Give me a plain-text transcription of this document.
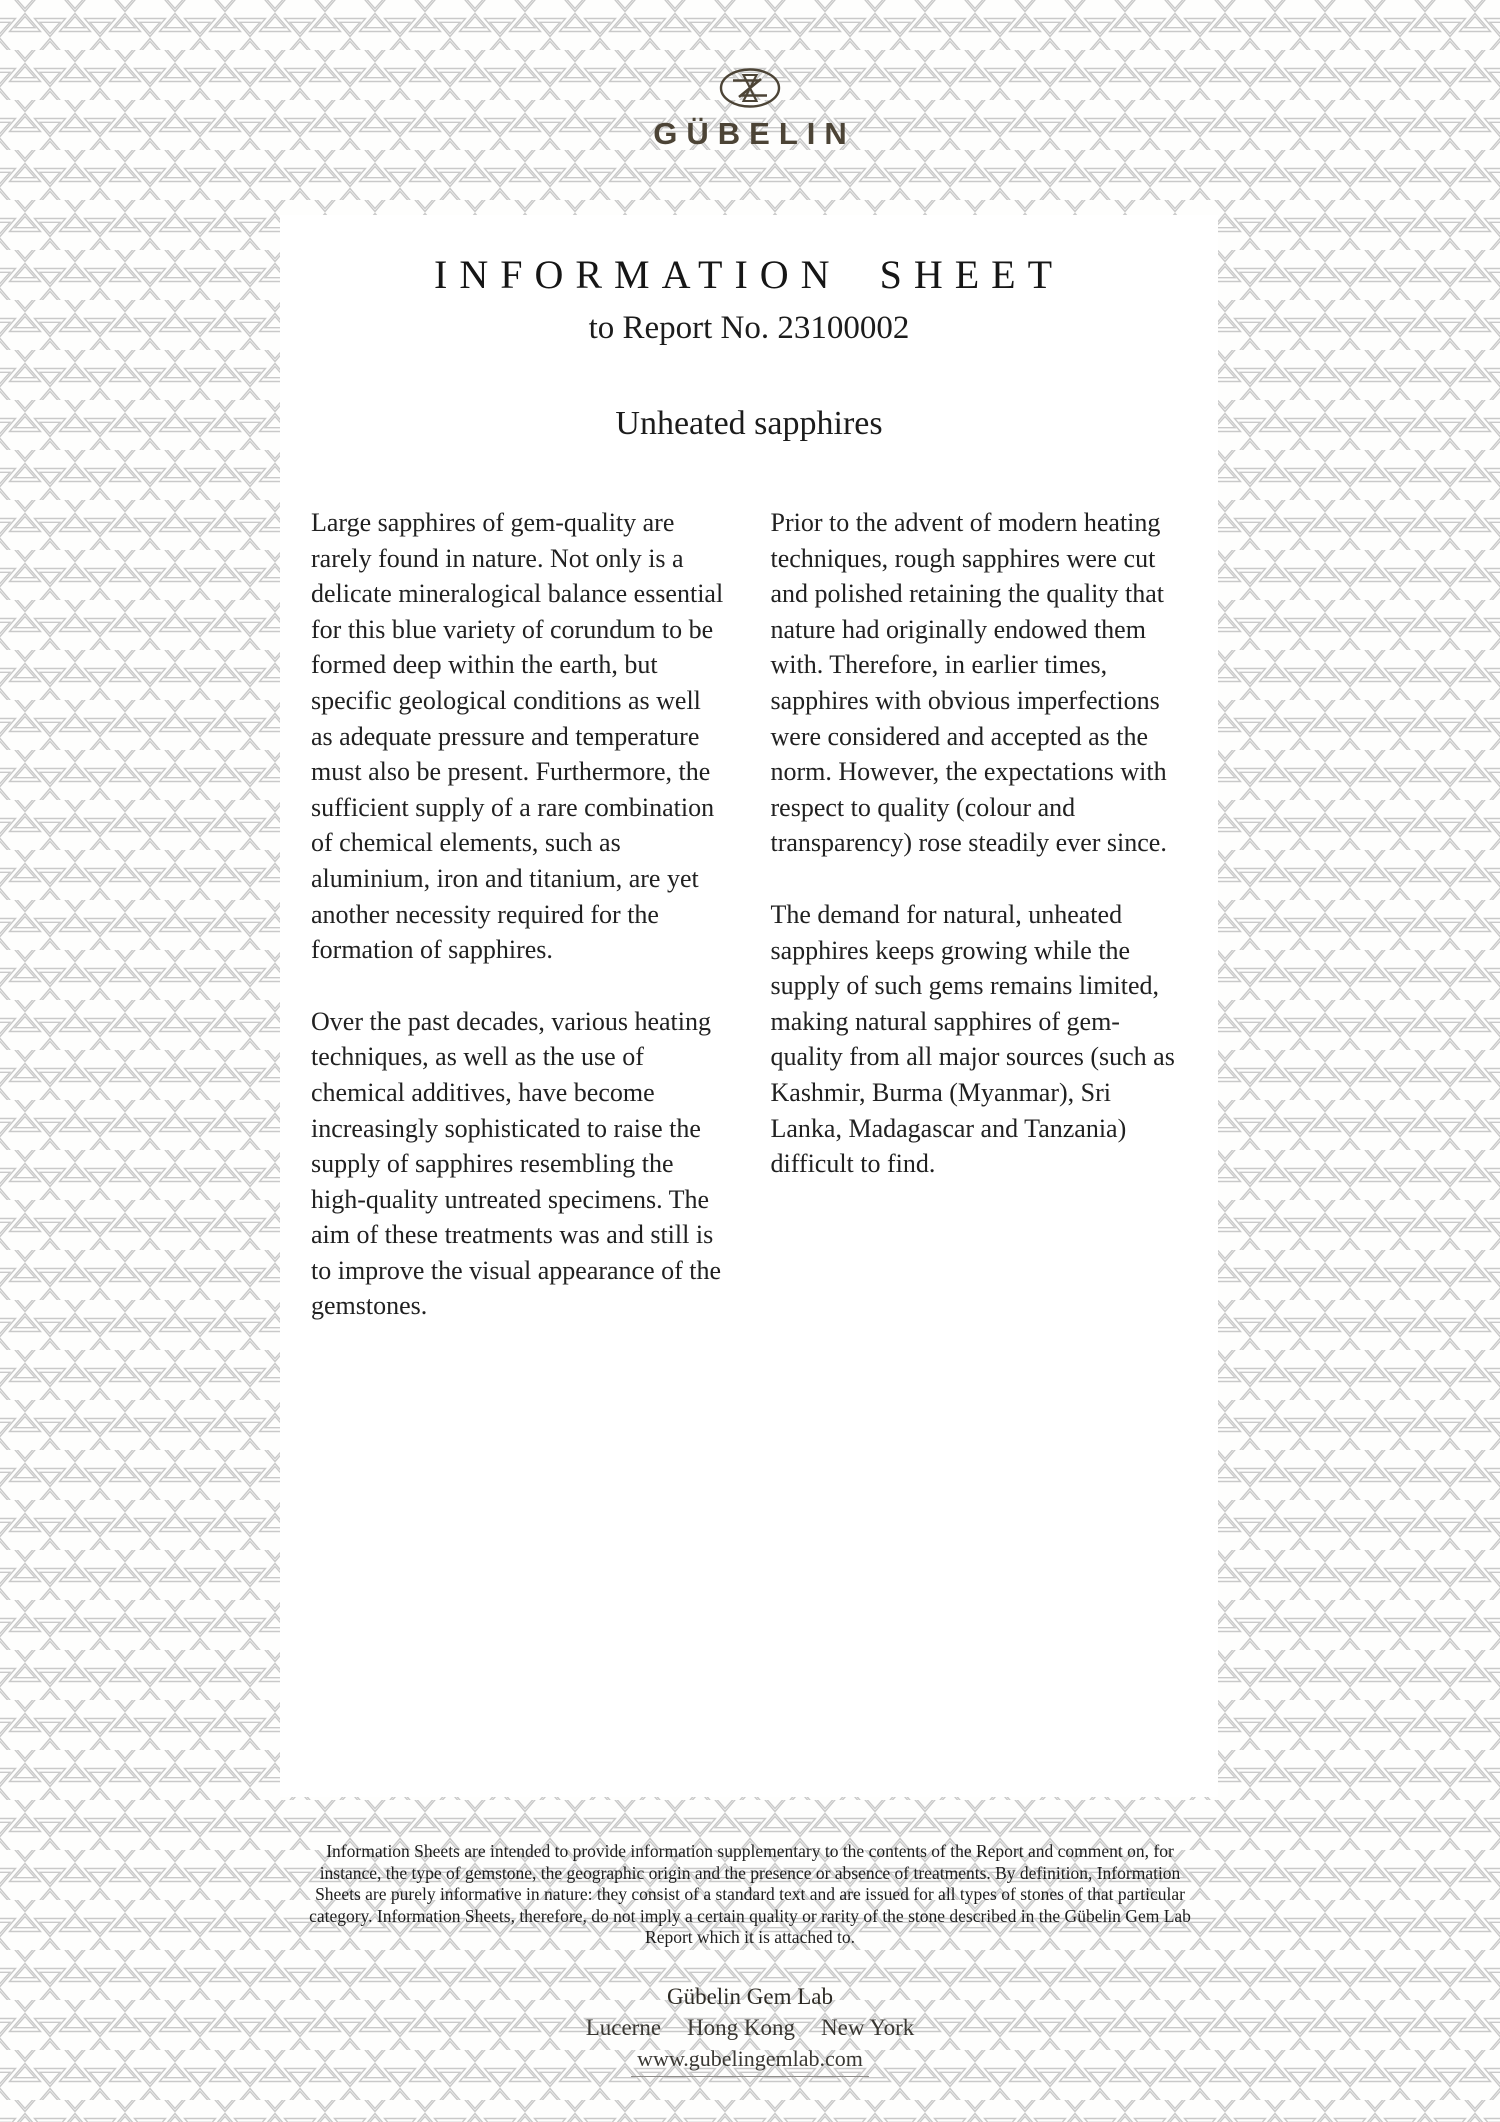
GÜBELIN
INFORMATION SHEET
to Report No. 23100002
Unheated sapphires

Large sapphires of gem-quality are rarely found in nature. Not only is a delicate mineralogical balance essential for this blue variety of corundum to be formed deep within the earth, but specific geological conditions as well as adequate pressure and temperature must also be present. Furthermore, the sufficient supply of a rare combination of chemical elements, such as aluminium, iron and titanium, are yet another necessity required for the formation of sapphires.

Over the past decades, various heating techniques, as well as the use of chemical additives, have become increasingly sophisticated to raise the supply of sapphires resembling the high-quality untreated specimens. The aim of these treatments was and still is to improve the visual appearance of the gemstones.

Prior to the advent of modern heating techniques, rough sapphires were cut and polished retaining the quality that nature had originally endowed them with. Therefore, in earlier times, sapphires with obvious imperfections were considered and accepted as the norm. However, the expectations with respect to quality (colour and transparency) rose steadily ever since.

The demand for natural, unheated sapphires keeps growing while the supply of such gems remains limited, making natural sapphires of gem-quality from all major sources (such as Kashmir, Burma (Myanmar), Sri Lanka, Madagascar and Tanzania) difficult to find.

Information Sheets are intended to provide information supplementary to the contents of the Report and comment on, for instance, the type of gemstone, the geographic origin and the presence or absence of treatments. By definition, Information Sheets are purely informative in nature: they consist of a standard text and are issued for all types of stones of that particular category. Information Sheets, therefore, do not imply a certain quality or rarity of the stone described in the Gübelin Gem Lab Report which it is attached to.
Gübelin Gem Lab
Lucerne Hong Kong New York
www.gubelingemlab.com
